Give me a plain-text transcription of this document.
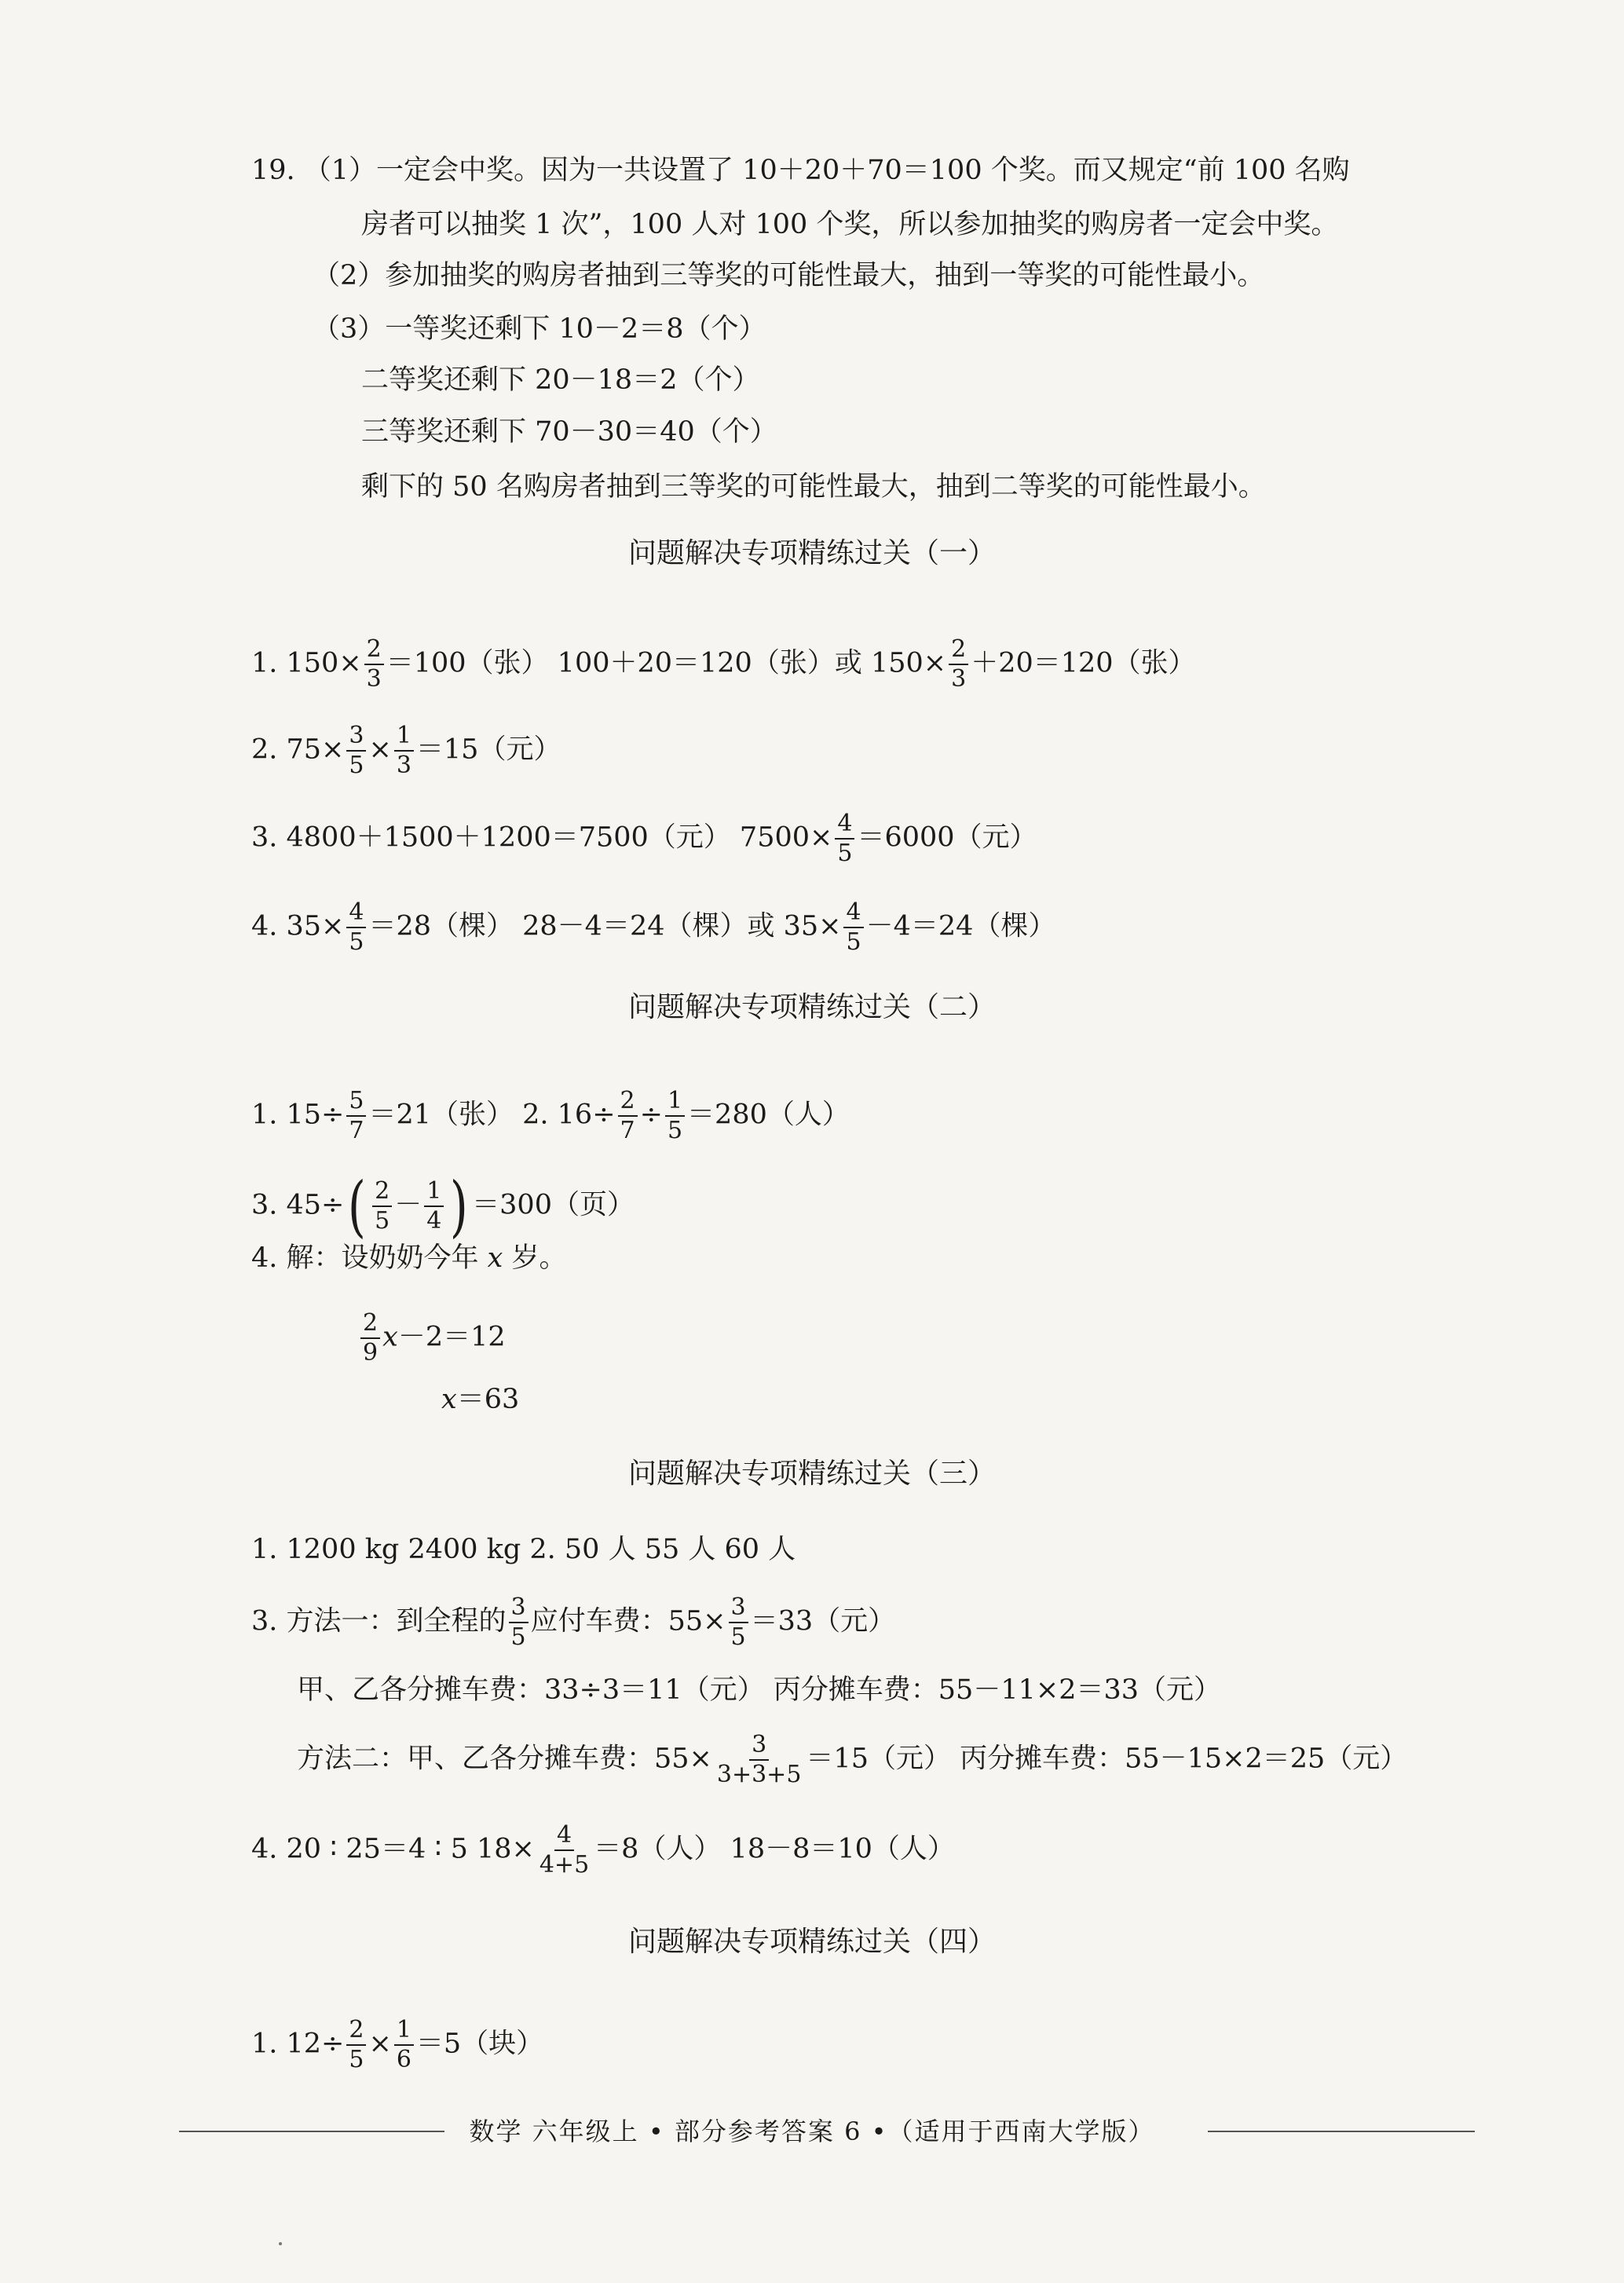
19. （1）一定会中奖。因为一共设置了 10＋20＋70＝100 个奖。而又规定“前 100 名购
房者可以抽奖 1 次”，100 人对 100 个奖，所以参加抽奖的购房者一定会中奖。
（2）参加抽奖的购房者抽到三等奖的可能性最大，抽到一等奖的可能性最小。
（3）一等奖还剩下 10－2＝8（个）
二等奖还剩下 20－18＝2（个）
三等奖还剩下 70－30＝40（个）
剩下的 50 名购房者抽到三等奖的可能性最大，抽到二等奖的可能性最小。
问题解决专项精练过关（一）
1. $150\times \frac{2}{3} =100$（张） 100＋20＝120（张）或 $150\times \frac{2}{3} +20=120$（张）
2. $75\times \frac{3}{5} \times \frac{1}{3} =15$（元）
3. 4800＋1500＋1200＝7500（元） $7500\times \frac{4}{5} =6000$（元）
4. $35\times \frac{4}{5} =28$（棵） 28－4＝24（棵）或 $35\times \frac{4}{5} -4=24$（棵）
问题解决专项精练过关（二）
1. $15\div \frac{5}{7} =21$（张） 2. $16\div \frac{2}{7} \div \frac{1}{5} =280$（人）
3. $45\div( \frac{2}{5} - \frac{1}{4}$ ) ＝300（页）
4. 解：设奶奶今年 x 岁。
$\frac{2}{9} x-2=12$
x＝63
问题解决专项精练过关（三）
1. 1200 kg 2400 kg 2. 50 人 55 人 60 人
3. 方法一：到全程的 $\frac{3}{5}$ 应付车费：$55\times \frac{3}{5} =33$（元）
甲、乙各分摊车费：33÷3＝11（元） 丙分摊车费：55－11×2＝33（元）
方法二：甲、乙各分摊车费：$55\times \frac{3}{3+3+5} =15$（元） 丙分摊车费：55－15×2＝25（元）
4. 20 ∶ 25＝4 ∶ 5 $18\times \frac{4}{4+5} =8$（人） 18－8＝10（人）
问题解决专项精练过关（四）
1. $12\div \frac{2}{5} \times \frac{1}{6} =5$（块）
数学 六年级上 • 部分参考答案 6 •（适用于西南大学版）
